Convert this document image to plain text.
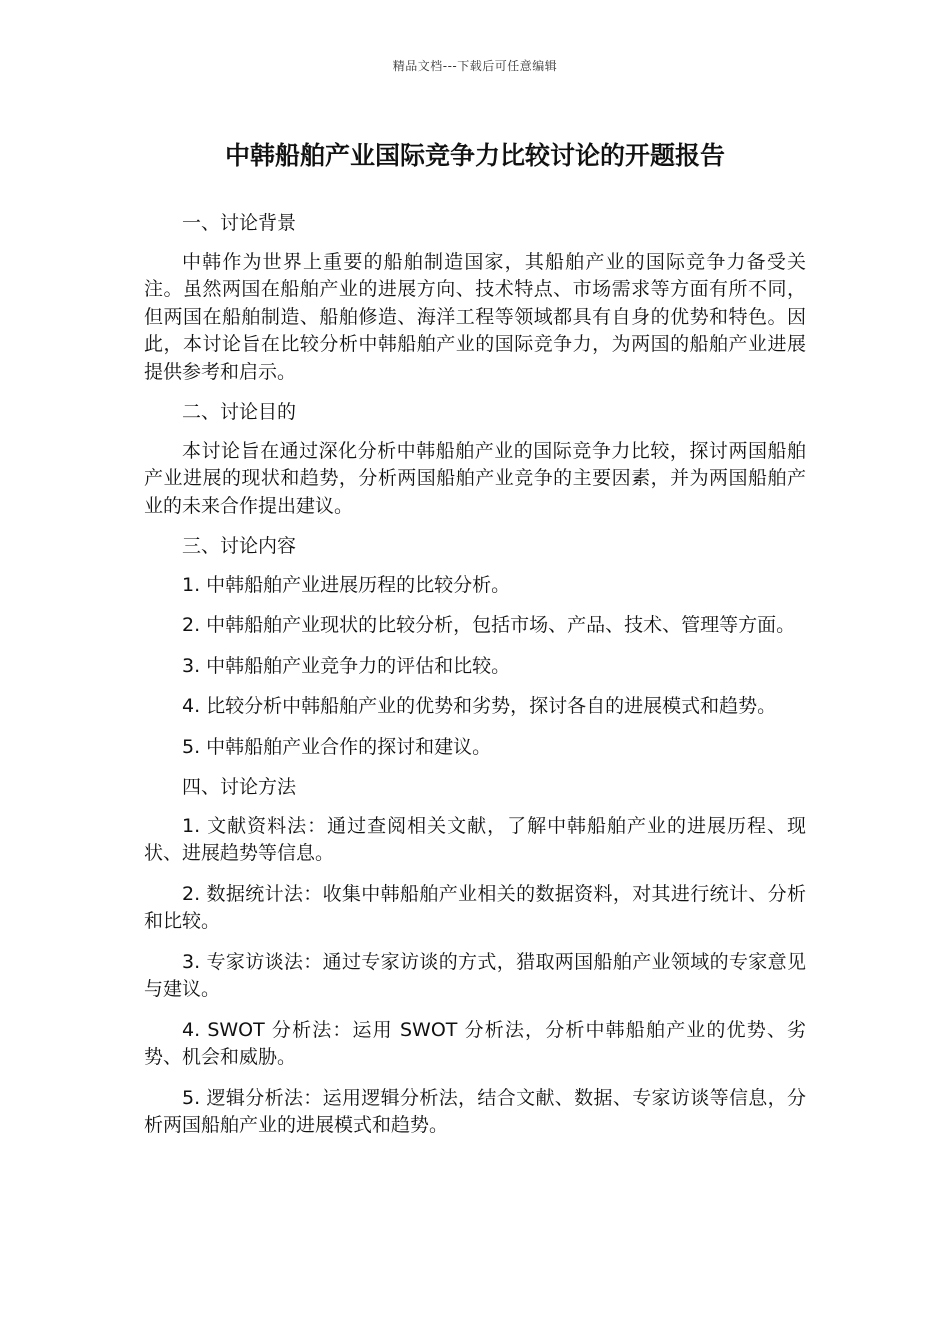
精品文档---下载后可任意编辑
中韩船舶产业国际竞争力比较讨论的开题报告

一、讨论背景

中韩作为世界上重要的船舶制造国家，其船舶产业的国际竞争力备受关注。虽然两国在船舶产业的进展方向、技术特点、市场需求等方面有所不同，但两国在船舶制造、船舶修造、海洋工程等领域都具有自身的优势和特色。因此，本讨论旨在比较分析中韩船舶产业的国际竞争力，为两国的船舶产业进展提供参考和启示。

二、讨论目的

本讨论旨在通过深化分析中韩船舶产业的国际竞争力比较，探讨两国船舶产业进展的现状和趋势，分析两国船舶产业竞争的主要因素，并为两国船舶产业的未来合作提出建议。

三、讨论内容

1. 中韩船舶产业进展历程的比较分析。

2. 中韩船舶产业现状的比较分析，包括市场、产品、技术、管理等方面。

3. 中韩船舶产业竞争力的评估和比较。

4. 比较分析中韩船舶产业的优势和劣势，探讨各自的进展模式和趋势。

5. 中韩船舶产业合作的探讨和建议。

四、讨论方法

1. 文献资料法：通过查阅相关文献，了解中韩船舶产业的进展历程、现状、进展趋势等信息。

2. 数据统计法：收集中韩船舶产业相关的数据资料，对其进行统计、分析和比较。

3. 专家访谈法：通过专家访谈的方式，猎取两国船舶产业领域的专家意见与建议。

4. SWOT 分析法：运用 SWOT 分析法，分析中韩船舶产业的优势、劣势、机会和威胁。

5. 逻辑分析法：运用逻辑分析法，结合文献、数据、专家访谈等信息，分析两国船舶产业的进展模式和趋势。
